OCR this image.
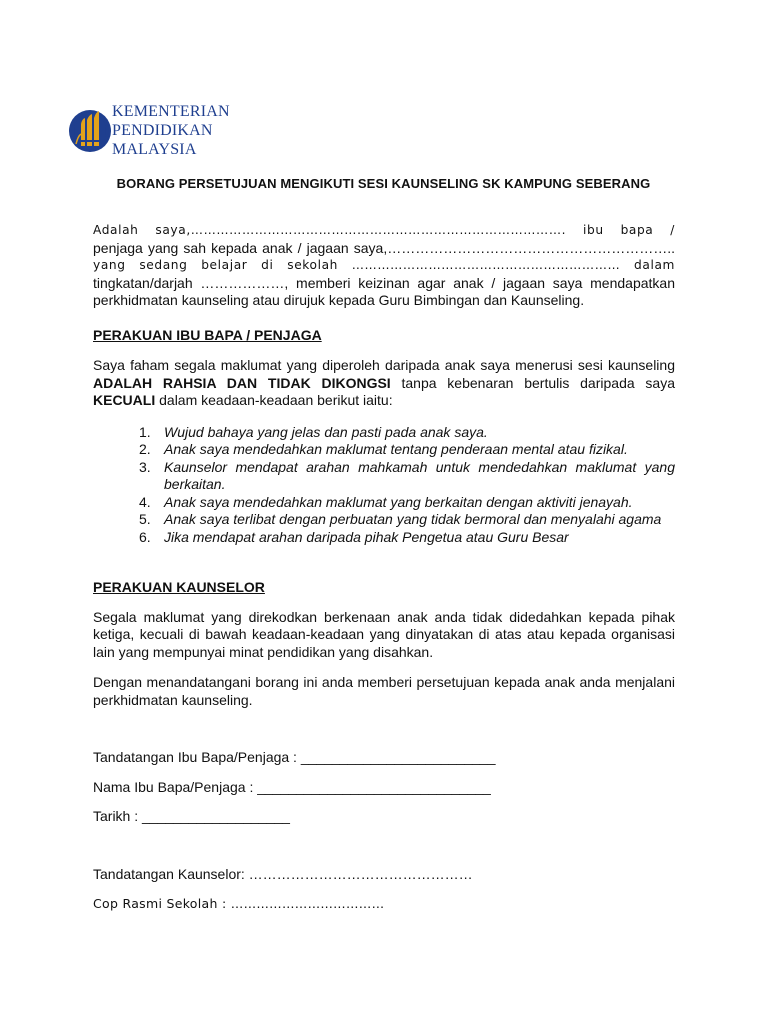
KEMENTERIAN
PENDIDIKAN
MALAYSIA
BORANG PERSETUJUAN MENGIKUTI SESI KAUNSELING SK KAMPUNG SEBERANG

Adalah saya,……………………………………………………………………………. ibu bapa /

penjaga yang sah kepada anak / jagaan saya,……………………………………………………..

yang sedang belajar di sekolah ……………………………………………………… dalam

tingkatan/darjah ………………, memberi keizinan agar anak / jagaan saya mendapatkan

perkhidmatan kaunseling atau dirujuk kepada Guru Bimbingan dan Kaunseling.

PERAKUAN IBU BAPA / PENJAGA

Saya faham segala maklumat yang diperoleh daripada anak saya menerusi sesi kaunseling

ADALAH RAHSIA DAN TIDAK DIKONGSI tanpa kebenaran bertulis daripada saya

KECUALI dalam keadaan-keadaan berikut iaitu:

1. Wujud bahaya yang jelas dan pasti pada anak saya.
2. Anak saya mendedahkan maklumat tentang penderaan mental atau fizikal.
3. Kaunselor mendapat arahan mahkamah untuk mendedahkan maklumat yang
berkaitan.
4. Anak saya mendedahkan maklumat yang berkaitan dengan aktiviti jenayah.
5. Anak saya terlibat dengan perbuatan yang tidak bermoral dan menyalahi agama
6. Jika mendapat arahan daripada pihak Pengetua atau Guru Besar

PERAKUAN KAUNSELOR

Segala maklumat yang direkodkan berkenaan anak anda tidak didedahkan kepada pihak

ketiga, kecuali di bawah keadaan-keadaan yang dinyatakan di atas atau kepada organisasi

lain yang mempunyai minat pendidikan yang disahkan.

Dengan menandatangani borang ini anda memberi persetujuan kepada anak anda menjalani

perkhidmatan kaunseling.

Tandatangan Ibu Bapa/Penjaga : _________________________

Nama Ibu Bapa/Penjaga : ______________________________

Tarikh : ___________________

Tandatangan Kaunselor: …………………………………………

Cop Rasmi Sekolah : ………………………………
